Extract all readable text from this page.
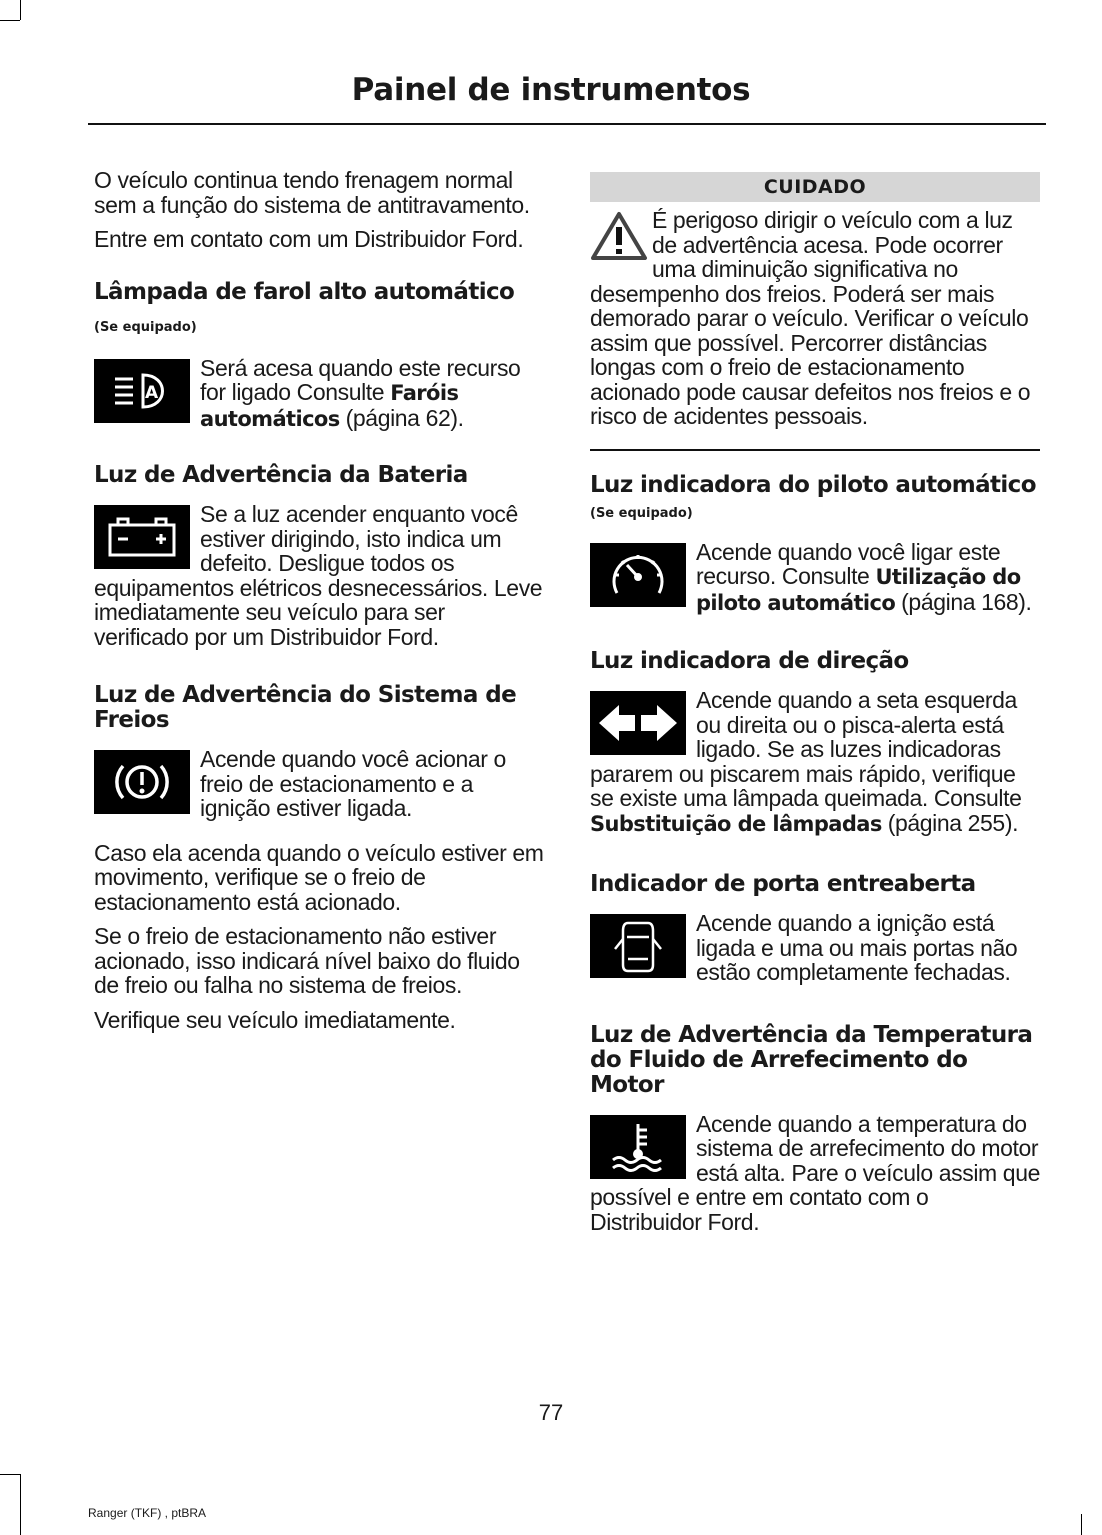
Painel de instrumentos

O veículo continua tendo frenagem normal sem a função do sistema de antitravamento.

Entre em contato com um Distribuidor Ford.

Lâmpada de farol alto automático

(Se equipado)

A

Será acesa quando este recurso for ligado Consulte Faróis automáticos (página 62).

Luz de Advertência da Bateria

Se a luz acender enquanto você estiver dirigindo, isto indica um defeito. Desligue todos os equipamentos elétricos desnecessários. Leve imediatamente seu veículo para ser verificado por um Distribuidor Ford.

Luz de Advertência do Sistema de Freios

Acende quando você acionar o freio de estacionamento e a ignição estiver ligada.

Caso ela acenda quando o veículo estiver em movimento, verifique se o freio de estacionamento está acionado.

Se o freio de estacionamento não estiver acionado, isso indicará nível baixo do fluido de freio ou falha no sistema de freios.

Verifique seu veículo imediatamente.

CUIDADO

É perigoso dirigir o veículo com a luz de advertência acesa. Pode ocorrer uma diminuição significativa no desempenho dos freios. Poderá ser mais demorado parar o veículo. Verificar o veículo assim que possível. Percorrer distâncias longas com o freio de estacionamento acionado pode causar defeitos nos freios e o risco de acidentes pessoais.

Luz indicadora do piloto automático (Se equipado)

Acende quando você ligar este recurso. Consulte Utilização do piloto automático (página 168).

Luz indicadora de direção

Acende quando a seta esquerda ou direita ou o pisca-alerta está ligado. Se as luzes indicadoras pararem ou piscarem mais rápido, verifique se existe uma lâmpada queimada. Consulte Substituição de lâmpadas (página 255).

Indicador de porta entreaberta

Acende quando a ignição está ligada e uma ou mais portas não estão completamente fechadas.

Luz de Advertência da Temperatura do Fluido de Arrefecimento do Motor

Acende quando a temperatura do sistema de arrefecimento do motor está alta. Pare o veículo assim que possível e entre em contato com o Distribuidor Ford.

77
Ranger (TKF) , ptBRA
